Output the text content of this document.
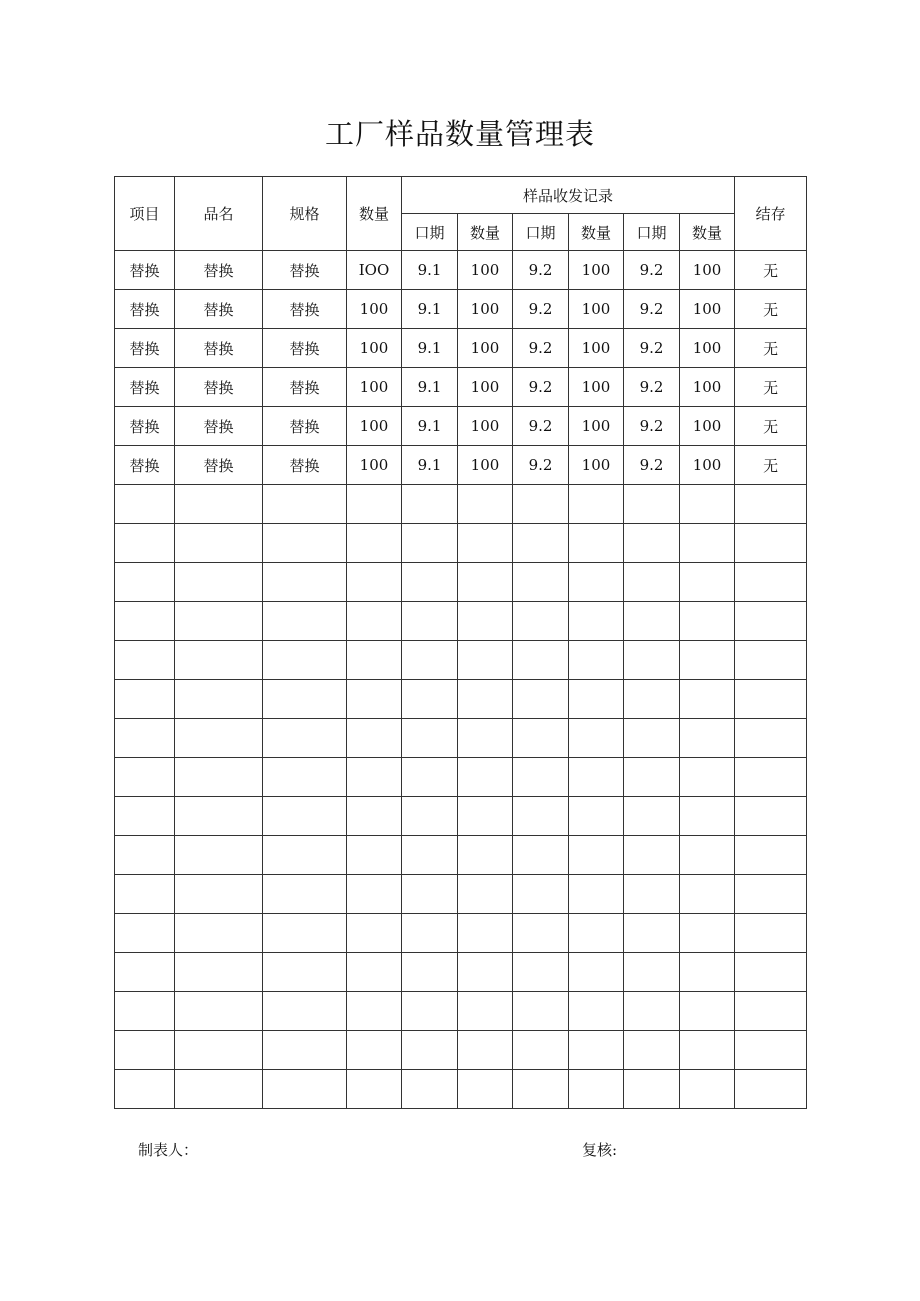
工厂样品数量管理表
项目	品名	规格	数量	样品收发记录						结存
				口期	数量	口期	数量	口期	数量	
替换	替换	替换	IOO	9.1	100	9.2	100	9.2	100	无
替换	替换	替换	100	9.1	100	9.2	100	9.2	100	无
替换	替换	替换	100	9.1	100	9.2	100	9.2	100	无
替换	替换	替换	100	9.1	100	9.2	100	9.2	100	无
替换	替换	替换	100	9.1	100	9.2	100	9.2	100	无
替换	替换	替换	100	9.1	100	9.2	100	9.2	100	无

制表人：	复核:
